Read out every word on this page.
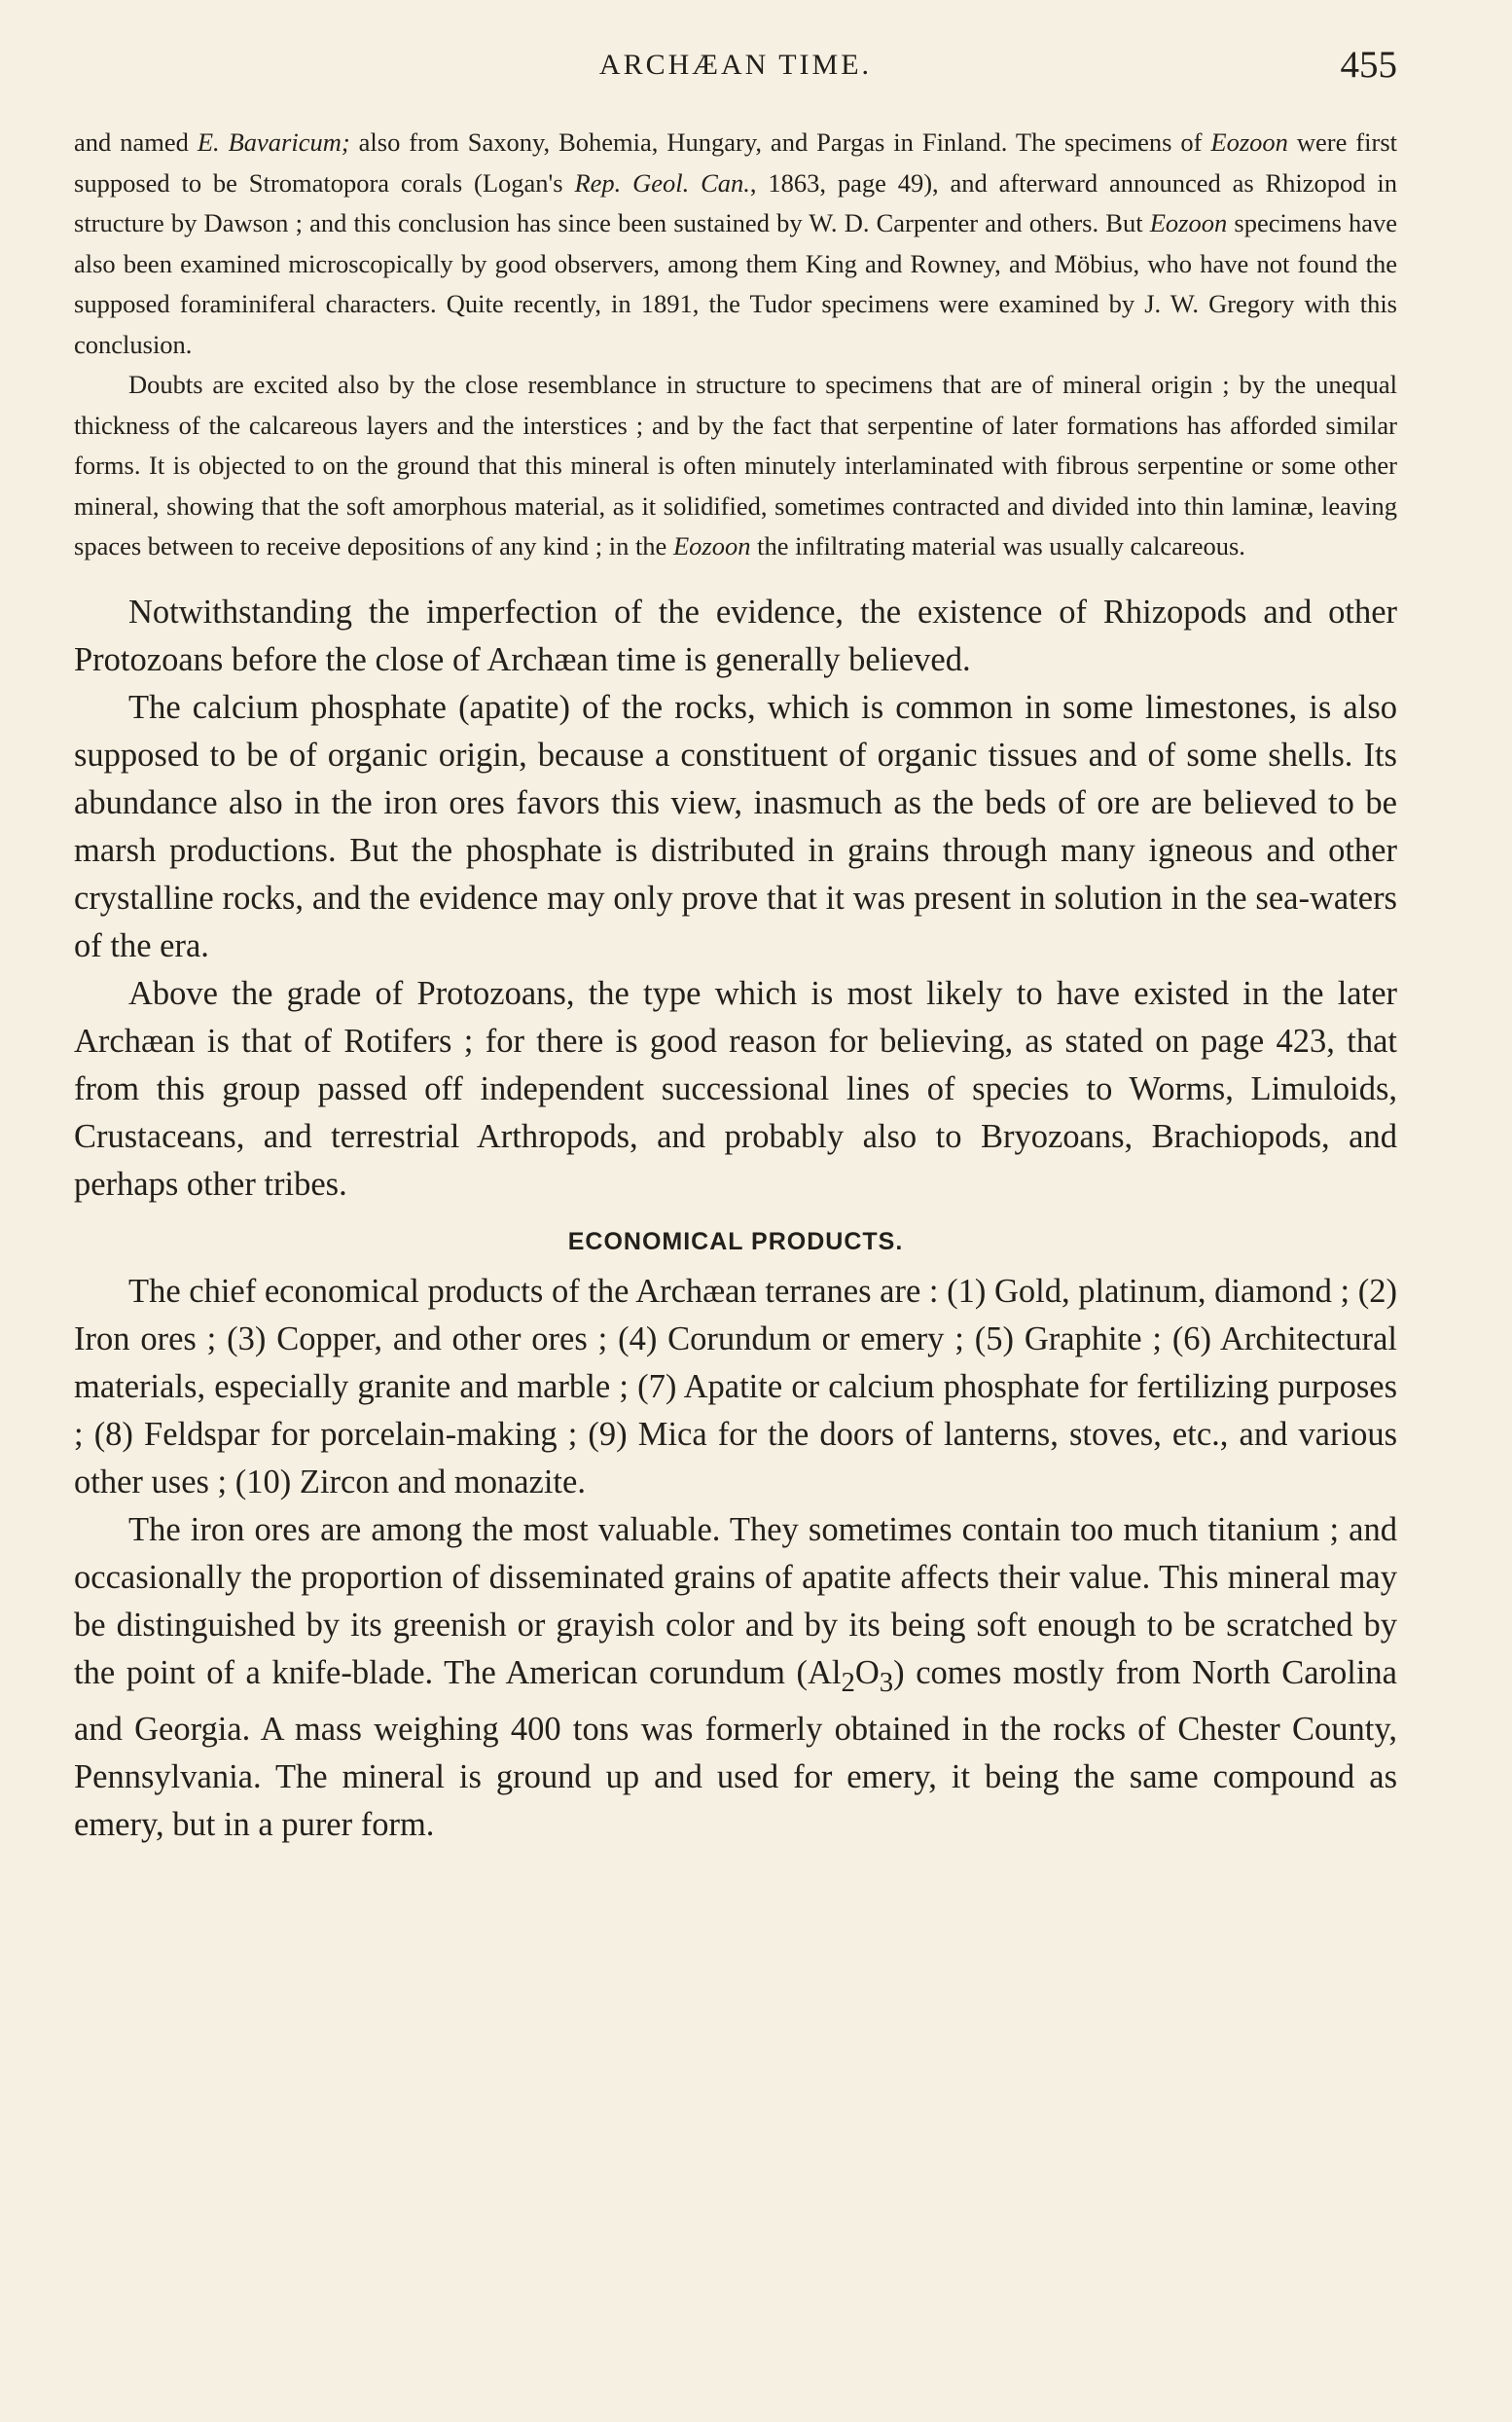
ARCHÆAN TIME.	455

and named E. Bavaricum; also from Saxony, Bohemia, Hungary, and Pargas in Finland. The specimens of Eozoon were first supposed to be Stromatopora corals (Logan's Rep. Geol. Can., 1863, page 49), and afterward announced as Rhizopod in structure by Dawson ; and this conclusion has since been sustained by W. D. Carpenter and others. But Eozoon specimens have also been examined microscopically by good observers, among them King and Rowney, and Möbius, who have not found the supposed foraminiferal characters. Quite recently, in 1891, the Tudor specimens were examined by J. W. Gregory with this conclusion.

Doubts are excited also by the close resemblance in structure to specimens that are of mineral origin ; by the unequal thickness of the calcareous layers and the interstices ; and by the fact that serpentine of later formations has afforded similar forms. It is objected to on the ground that this mineral is often minutely interlaminated with fibrous serpentine or some other mineral, showing that the soft amorphous material, as it solidified, sometimes contracted and divided into thin laminæ, leaving spaces between to receive depositions of any kind ; in the Eozoon the infiltrating material was usually calcareous.

Notwithstanding the imperfection of the evidence, the existence of Rhizopods and other Protozoans before the close of Archæan time is generally believed.

The calcium phosphate (apatite) of the rocks, which is common in some limestones, is also supposed to be of organic origin, because a constituent of organic tissues and of some shells. Its abundance also in the iron ores favors this view, inasmuch as the beds of ore are believed to be marsh productions. But the phosphate is distributed in grains through many igneous and other crystalline rocks, and the evidence may only prove that it was present in solution in the sea-waters of the era.

Above the grade of Protozoans, the type which is most likely to have existed in the later Archæan is that of Rotifers ; for there is good reason for believing, as stated on page 423, that from this group passed off independent successional lines of species to Worms, Limuloids, Crustaceans, and terrestrial Arthropods, and probably also to Bryozoans, Brachiopods, and perhaps other tribes.

ECONOMICAL PRODUCTS.

The chief economical products of the Archæan terranes are : (1) Gold, platinum, diamond ; (2) Iron ores ; (3) Copper, and other ores ; (4) Corundum or emery ; (5) Graphite ; (6) Architectural materials, especially granite and marble ; (7) Apatite or calcium phosphate for fertilizing purposes ; (8) Feldspar for porcelain-making ; (9) Mica for the doors of lanterns, stoves, etc., and various other uses ; (10) Zircon and monazite.

The iron ores are among the most valuable. They sometimes contain too much titanium ; and occasionally the proportion of disseminated grains of apatite affects their value. This mineral may be distinguished by its greenish or grayish color and by its being soft enough to be scratched by the point of a knife-blade. The American corundum $(Al_2O_3)$ comes mostly from North Carolina and Georgia. A mass weighing 400 tons was formerly obtained in the rocks of Chester County, Pennsylvania. The mineral is ground up and used for emery, it being the same compound as emery, but in a purer form.
